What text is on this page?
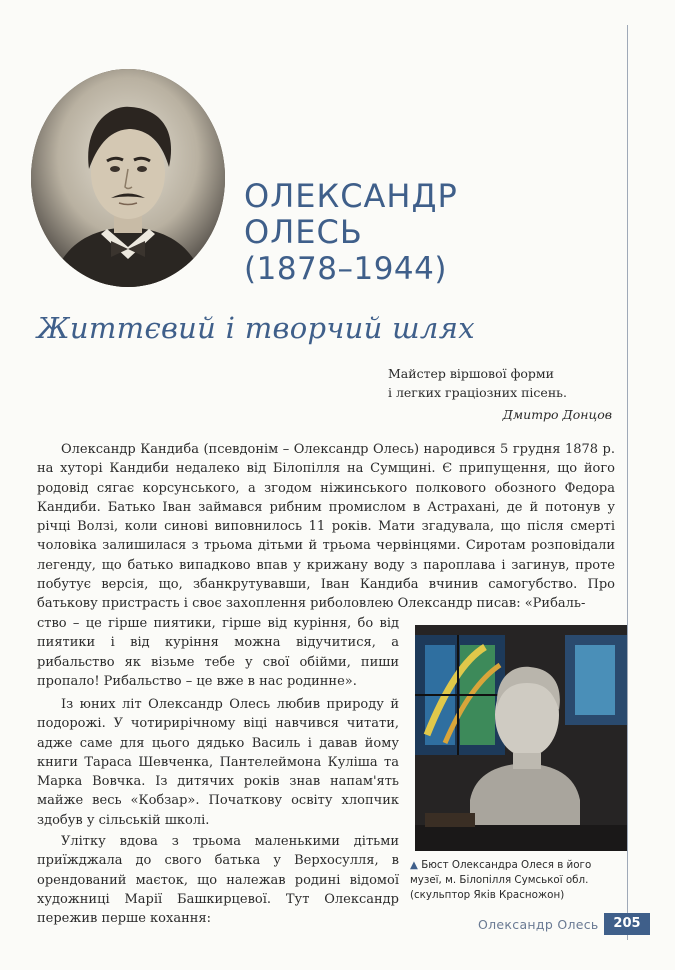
ОЛЕКСАНДР
ОЛЕСЬ
(1878–1944)
Життєвий і творчий шлях
Майстер віршової форми
і легких граціозних пісень.
Дмитро Донцов

Олександр Кандиба (псевдонім – Олександр Олесь) народився 5 грудня 1878 р. на хуторі Кандиби недалеко від Білопілля на Сумщині. Є припущення, що його родовід сягає корсунського, а згодом ніжинського полкового обозного Федора Кандиби. Батько Іван займався рибним промислом в Астрахані, де й потонув у річці Волзі, коли синові виповнилось 11 років. Мати згадувала, що після смерті чоловіка залишилася з трьома дітьми й трьома червінцями. Сиротам розповідали легенду, що батько випадково впав у крижану воду з пароплава і загинув, проте побутує версія, що, збанкрутувавши, Іван Кандиба вчинив самогубство. Про батькову пристрасть і своє захоплення риболовлею Олександр писав: «Рибаль-

ство – це гірше пиятики, гірше від куріння, бо від пиятики і від куріння можна відучитися, а рибальство як візьме тебе у свої обійми, пиши пропало! Рибальство – це вже в нас родинне».

Із юних літ Олександр Олесь любив природу й подорожі. У чотирирічному віці навчився читати, адже саме для цього дядько Василь і давав йому книги Тараса Шевченка, Пантелеймона Куліша та Марка Вовчка. Із дитячих років знав напам'ять майже весь «Кобзар». Початкову освіту хлопчик здобув у сільській школі.

Улітку вдова з трьома маленькими дітьми приїжджала до свого батька у Верхосулля, в орендований маєток, що належав родині відомої художниці Марії Башкирцевої. Тут Олександр пережив перше кохання:

▲ Бюст Олександра Олеся в його музеї, м. Білопілля Сумської обл. (скульптор Яків Красножон)
Олександр Олесь	205
